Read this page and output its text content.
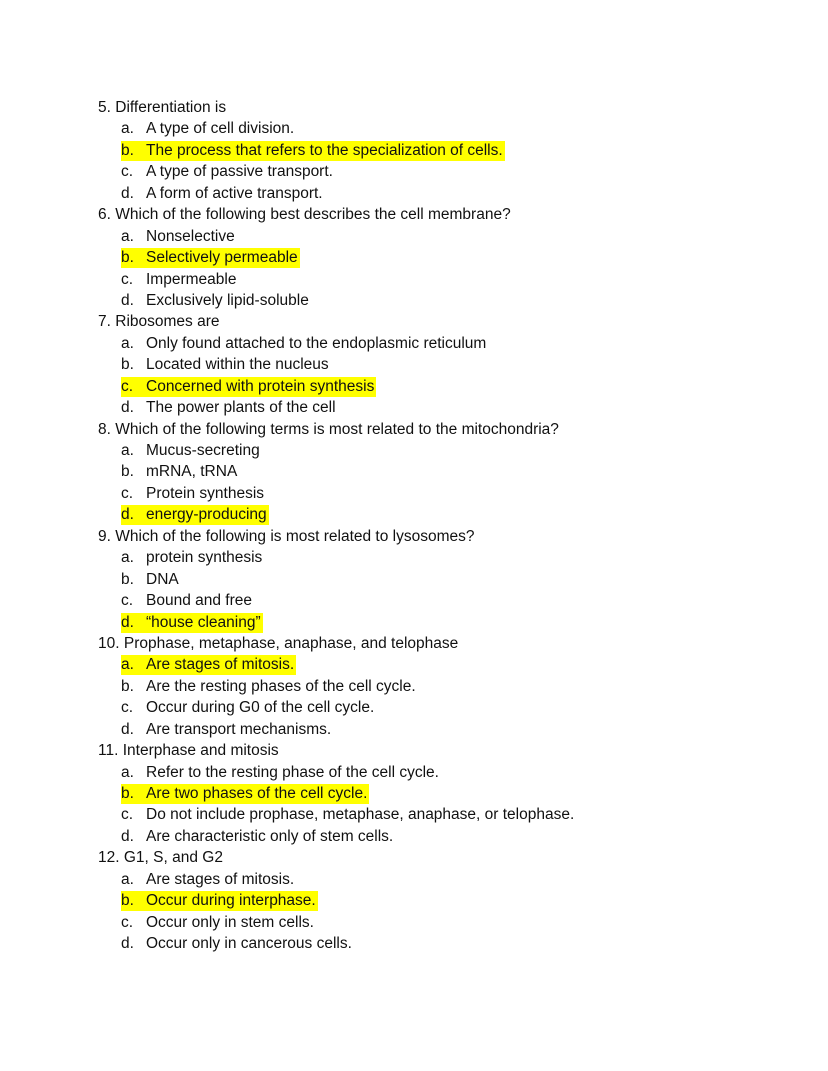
5. Differentiation is
a. A type of cell division.
b. The process that refers to the specialization of cells.
c. A type of passive transport.
d. A form of active transport.
6. Which of the following best describes the cell membrane?
a. Nonselective
b. Selectively permeable
c. Impermeable
d. Exclusively lipid-soluble
7. Ribosomes are
a. Only found attached to the endoplasmic reticulum
b. Located within the nucleus
c. Concerned with protein synthesis
d. The power plants of the cell
8. Which of the following terms is most related to the mitochondria?
a. Mucus-secreting
b. mRNA, tRNA
c. Protein synthesis
d. energy-producing
9. Which of the following is most related to lysosomes?
a. protein synthesis
b. DNA
c. Bound and free
d. “house cleaning”
10. Prophase, metaphase, anaphase, and telophase
a. Are stages of mitosis.
b. Are the resting phases of the cell cycle.
c. Occur during G0 of the cell cycle.
d. Are transport mechanisms.
11. Interphase and mitosis
a. Refer to the resting phase of the cell cycle.
b. Are two phases of the cell cycle.
c. Do not include prophase, metaphase, anaphase, or telophase.
d. Are characteristic only of stem cells.
12. G1, S, and G2
a. Are stages of mitosis.
b. Occur during interphase.
c. Occur only in stem cells.
d. Occur only in cancerous cells.
